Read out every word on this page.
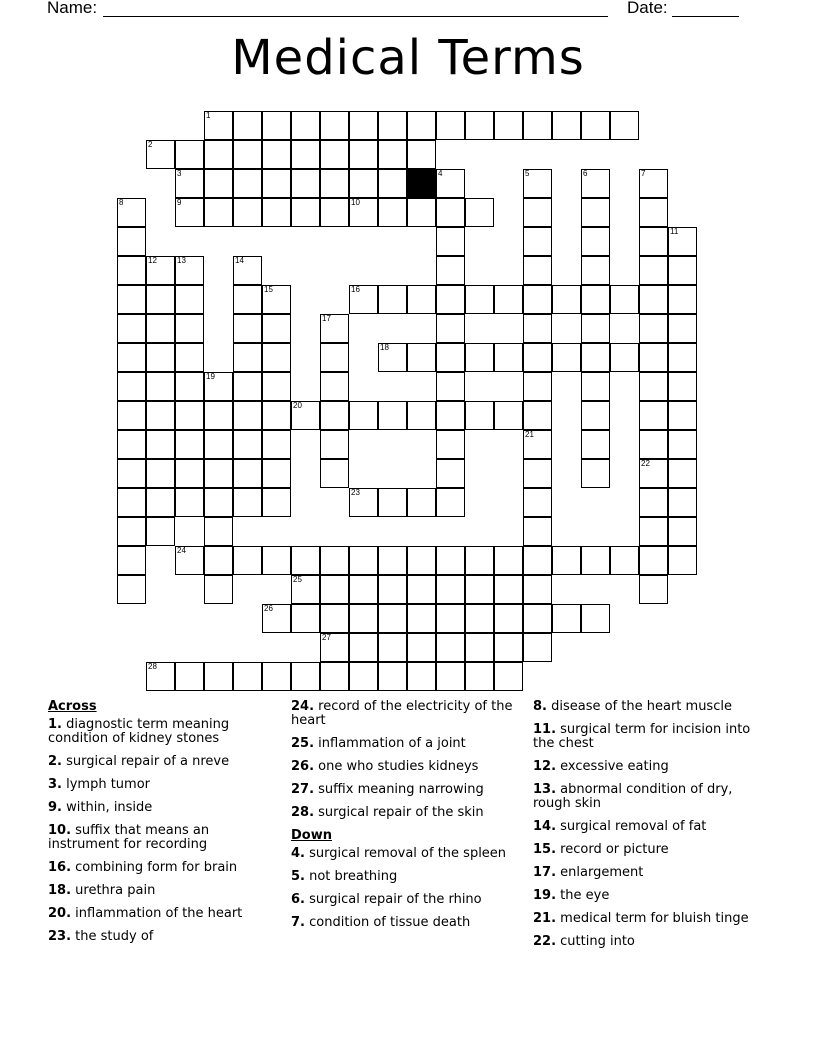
Name:	Date:
Medical Terms
1
2
3
9	10
16
18
20
23
24
25
26
27
28
4	5
21
6	7
22
8
11
12	13	14
15
17
19
Across
1. diagnostic term meaning condition of kidney stones
2. surgical repair of a nreve
3. lymph tumor
9. within, inside
10. suffix that means an instrument for recording
16. combining form for brain
18. urethra pain
20. inflammation of the heart
23. the study of
24. record of the electricity of the heart
25. inflammation of a joint
26. one who studies kidneys
27. suffix meaning narrowing
28. surgical repair of the skin
Down
4. surgical removal of the spleen
5. not breathing
6. surgical repair of the rhino
7. condition of tissue death
8. disease of the heart muscle
11. surgical term for incision into the chest
12. excessive eating
13. abnormal condition of dry, rough skin
14. surgical removal of fat
15. record or picture
17. enlargement
19. the eye
21. medical term for bluish tinge
22. cutting into
